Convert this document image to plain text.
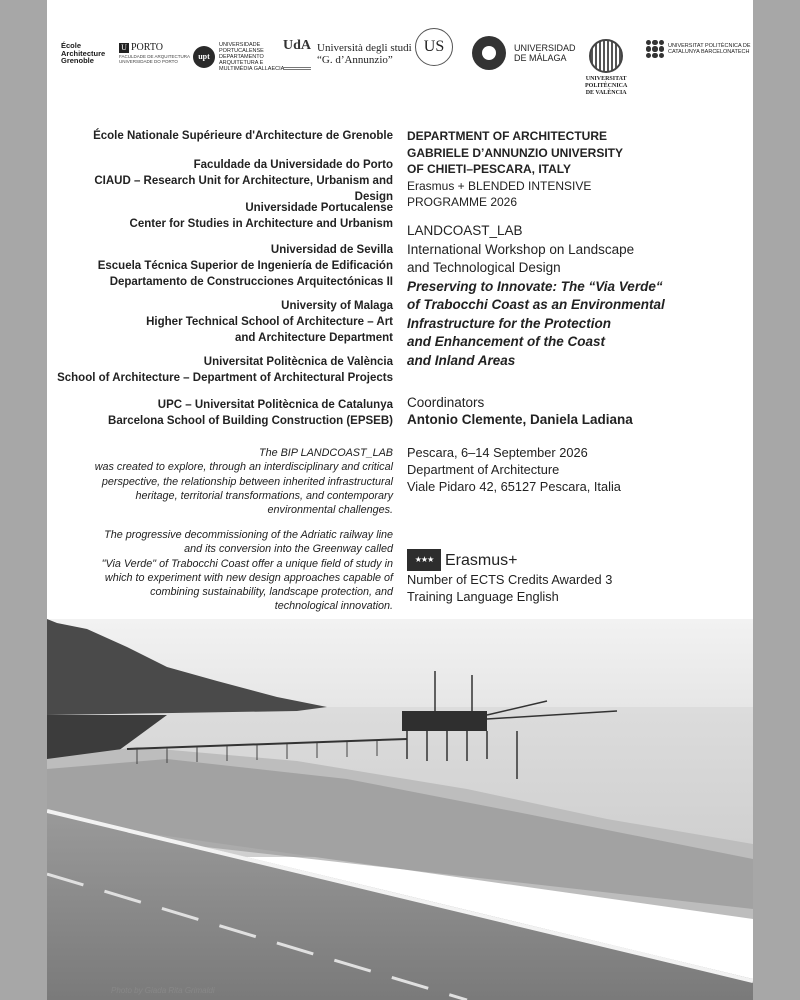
École
Architecture
Grenoble
U PORTO
FACULDADE DE ARQUITECTURA UNIVERSIDADE DO PORTO
upt
UNIVERSIDADE PORTUCALENSE DEPARTAMENTO ARQUITETURA E MULTIMÉDIA GALLAECIA
UdA Università degli studi
“G. d’Annunzio”
US	UNIVERSIDAD
DE MÁLAGA
UNIVERSITAT
POLITÈCNICA
DE VALÈNCIA
UNIVERSITAT POLITÈCNICA DE CATALUNYA BARCELONATECH

École Nationale Supérieure d'Architecture de Grenoble

Faculdade da Universidade do Porto

CIAUD – Research Unit for Architecture, Urbanism and Design

Universidade Portucalense

Center for Studies in Architecture and Urbanism

Universidad de Sevilla

Escuela Técnica Superior de Ingeniería de Edificación

Departamento de Construcciones Arquitectónicas II

University of Malaga

Higher Technical School of Architecture – Art

and Architecture Department

Universitat Politècnica de València

School of Architecture – Department of Architectural Projects

UPC – Universitat Politècnica de Catalunya

Barcelona School of Building Construction (EPSEB)

The BIP LANDCOAST_LAB
was created to explore, through an interdisciplinary and critical
perspective, the relationship between inherited infrastructural
heritage, territorial transformations, and contemporary
environmental challenges.
The progressive decommissioning of the Adriatic railway line
and its conversion into the Greenway called
"Via Verde" of Trabocchi Coast offer a unique field of study in
which to experiment with new design approaches capable of
combining sustainability, landscape protection, and
technological innovation.
DEPARTMENT OF ARCHITECTURE
GABRIELE D’ANNUNZIO UNIVERSITY
OF CHIETI–PESCARA, ITALY
Erasmus + BLENDED INTENSIVE
PROGRAMME 2026
LANDCOAST_LAB
International Workshop on Landscape
and Technological Design
Preserving to Innovate: The “Via Verde“
of Trabocchi Coast as an Environmental
Infrastructure for the Protection
and Enhancement of the Coast
and Inland Areas
Coordinators
Antonio Clemente, Daniela Ladiana
Pescara, 6–14 September 2026
Department of Architecture
Viale Pidaro 42, 65127 Pescara, Italia
★★★ Erasmus+
Number of ECTS Credits Awarded 3
Training Language English
Photo by Giada Rita Grimaldi
